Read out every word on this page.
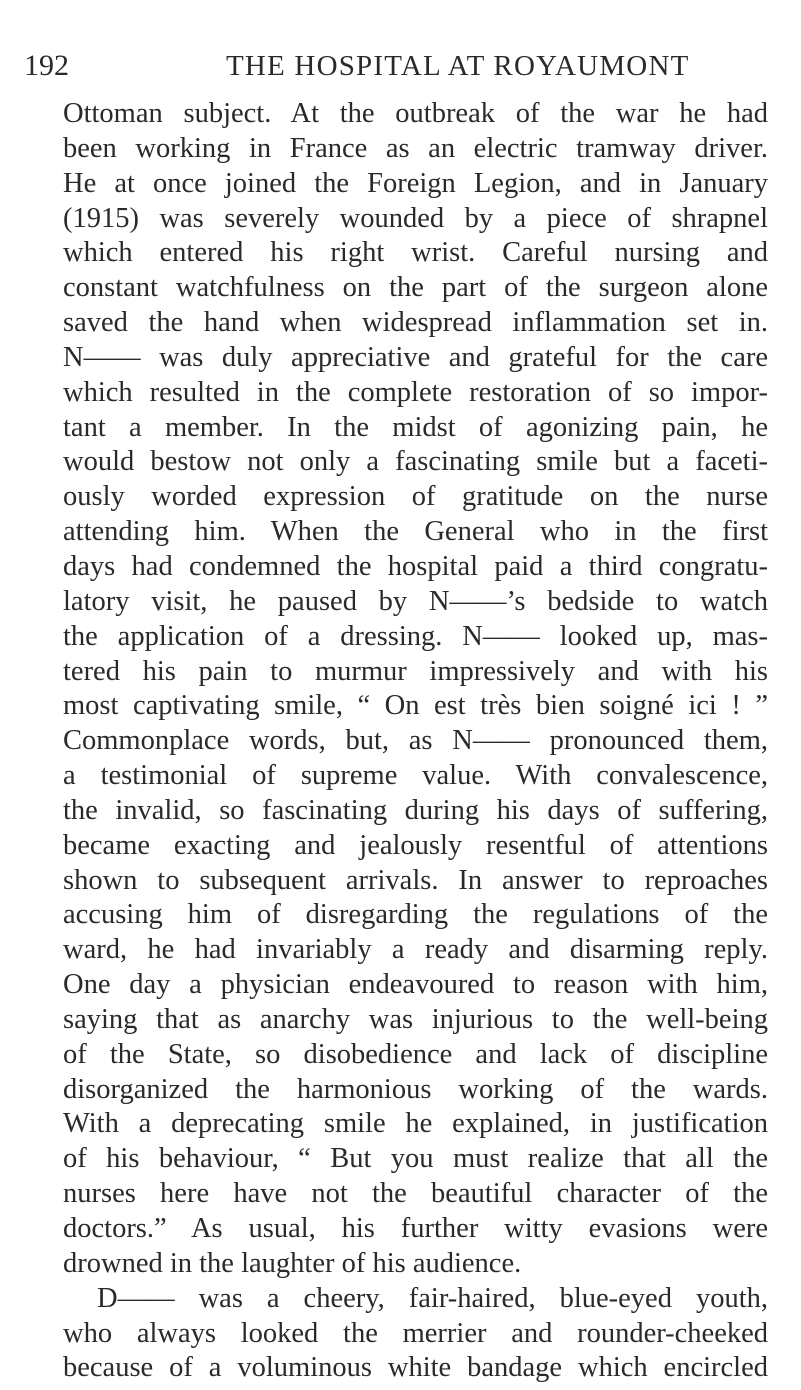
192	THE HOSPITAL AT ROYAUMONT
Ottoman subject. At the outbreak of the war he had
been working in France as an electric tramway driver.
He at once joined the Foreign Legion, and in January
(1915) was severely wounded by a piece of shrapnel
which entered his right wrist. Careful nursing and
constant watchfulness on the part of the surgeon alone
saved the hand when widespread inflammation set in.
N—— was duly appreciative and grateful for the care
which resulted in the complete restoration of so impor-
tant a member. In the midst of agonizing pain, he
would bestow not only a fascinating smile but a faceti-
ously worded expression of gratitude on the nurse
attending him. When the General who in the first
days had condemned the hospital paid a third congratu-
latory visit, he paused by N——’s bedside to watch
the application of a dressing. N—— looked up, mas-
tered his pain to murmur impressively and with his
most captivating smile, “ On est très bien soigné ici ! ”
Commonplace words, but, as N—— pronounced them,
a testimonial of supreme value. With convalescence,
the invalid, so fascinating during his days of suffering,
became exacting and jealously resentful of attentions
shown to subsequent arrivals. In answer to reproaches
accusing him of disregarding the regulations of the
ward, he had invariably a ready and disarming reply.
One day a physician endeavoured to reason with him,
saying that as anarchy was injurious to the well-being
of the State, so disobedience and lack of discipline
disorganized the harmonious working of the wards.
With a deprecating smile he explained, in justification
of his behaviour, “ But you must realize that all the
nurses here have not the beautiful character of the
doctors.” As usual, his further witty evasions were
drowned in the laughter of his audience.
D—— was a cheery, fair-haired, blue-eyed youth,
who always looked the merrier and rounder-cheeked
because of a voluminous white bandage which encircled
